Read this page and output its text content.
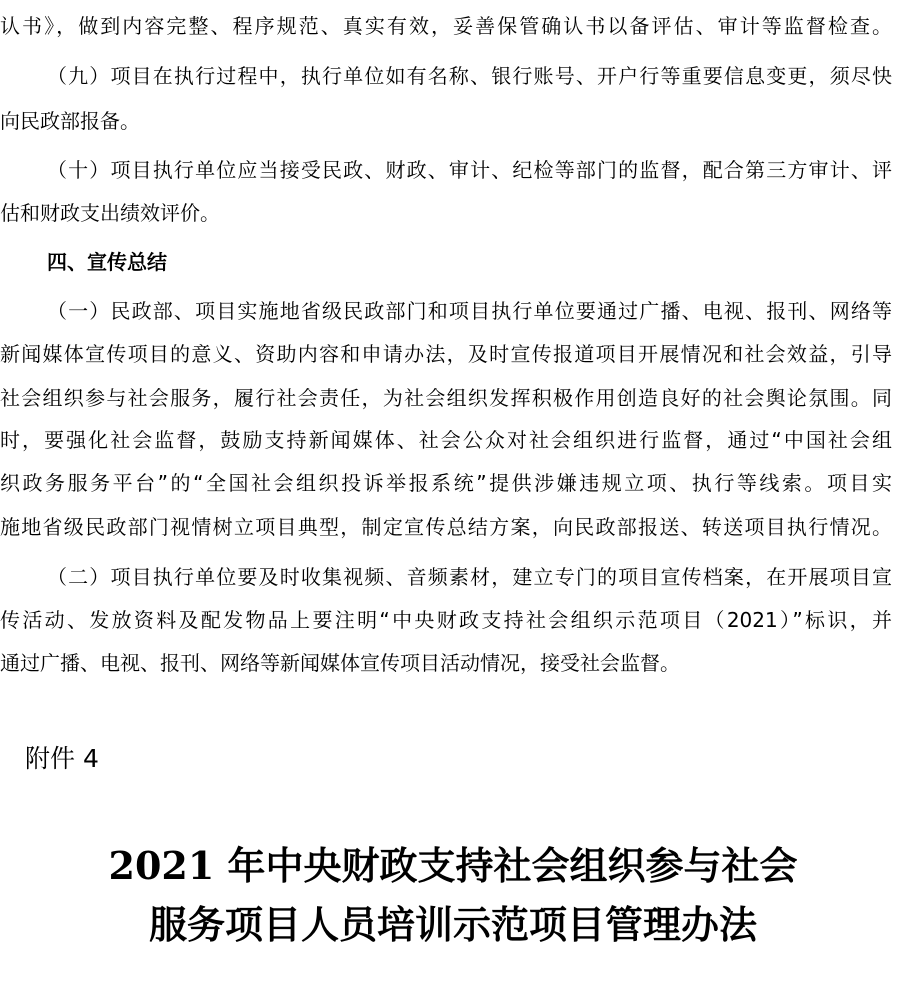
认书》，做到内容完整、程序规范、真实有效，妥善保管确认书以备评估、审计等监督检查。
（九）项目在执行过程中，执行单位如有名称、银行账号、开户行等重要信息变更，须尽快
向民政部报备。
（十）项目执行单位应当接受民政、财政、审计、纪检等部门的监督，配合第三方审计、评
估和财政支出绩效评价。
四、宣传总结
（一）民政部、项目实施地省级民政部门和项目执行单位要通过广播、电视、报刊、网络等
新闻媒体宣传项目的意义、资助内容和申请办法，及时宣传报道项目开展情况和社会效益，引导
社会组织参与社会服务，履行社会责任，为社会组织发挥积极作用创造良好的社会舆论氛围。同
时，要强化社会监督，鼓励支持新闻媒体、社会公众对社会组织进行监督，通过“中国社会组
织政务服务平台”的“全国社会组织投诉举报系统”提供涉嫌违规立项、执行等线索。项目实
施地省级民政部门视情树立项目典型，制定宣传总结方案，向民政部报送、转送项目执行情况。
（二）项目执行单位要及时收集视频、音频素材，建立专门的项目宣传档案，在开展项目宣
传活动、发放资料及配发物品上要注明“中央财政支持社会组织示范项目（2021）”标识，并
通过广播、电视、报刊、网络等新闻媒体宣传项目活动情况，接受社会监督。
附件 4
2021 年中央财政支持社会组织参与社会
服务项目人员培训示范项目管理办法
